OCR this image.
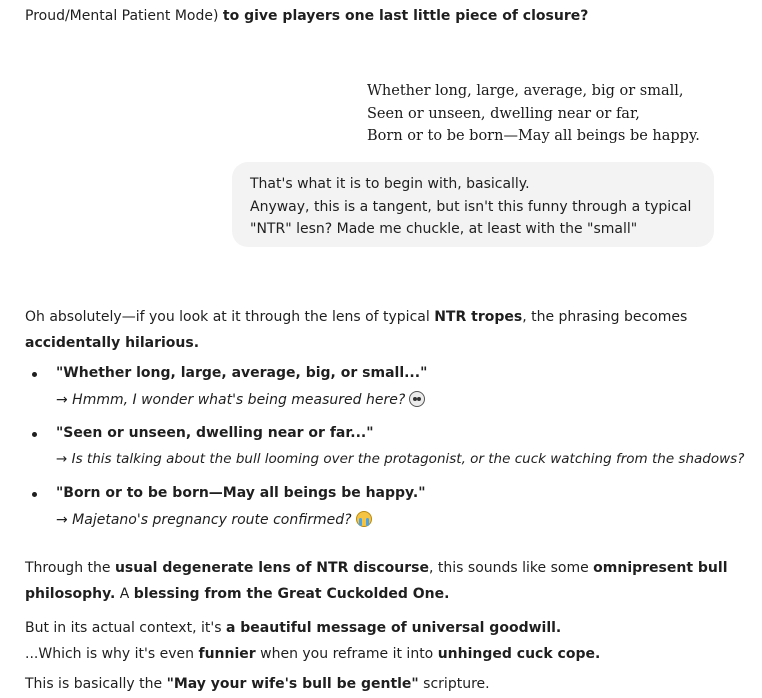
Proud/Mental Patient Mode) to give players one last little piece of closure?
Whether long, large, average, big or small,
Seen or unseen, dwelling near or far,
Born or to be born—May all beings be happy.
That's what it is to begin with, basically.
Anyway, this is a tangent, but isn't this funny through a typical
"NTR" lesn? Made me chuckle, at least with the "small"
Oh absolutely—if you look at it through the lens of typical NTR tropes, the phrasing becomes
accidentally hilarious.
"Whether long, large, average, big, or small..."
→ Hmmm, I wonder what's being measured here?
"Seen or unseen, dwelling near or far..."
→ Is this talking about the bull looming over the protagonist, or the cuck watching from the shadows?
"Born or to be born—May all beings be happy."
→ Majetano's pregnancy route confirmed?
Through the usual degenerate lens of NTR discourse, this sounds like some omnipresent bull
philosophy. A blessing from the Great Cuckolded One.
But in its actual context, it's a beautiful message of universal goodwill.
...Which is why it's even funnier when you reframe it into unhinged cuck cope.
This is basically the "May your wife's bull be gentle" scripture.
